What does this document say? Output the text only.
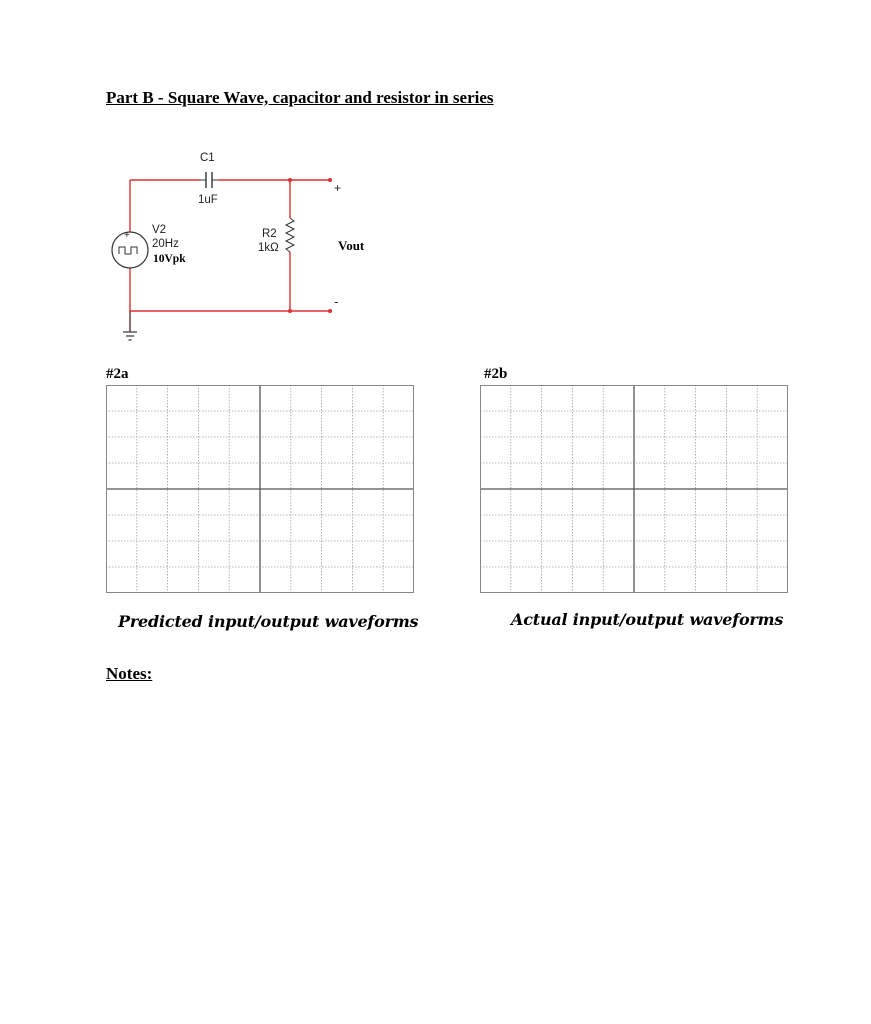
Part B - Square Wave, capacitor and resistor in series
C1
1uF
R2
1kΩ
+ V2
20Hz
10Vpk
+
Vout
-
#2a
Predicted input/output waveforms
#2b
Actual input/output waveforms
Notes:
